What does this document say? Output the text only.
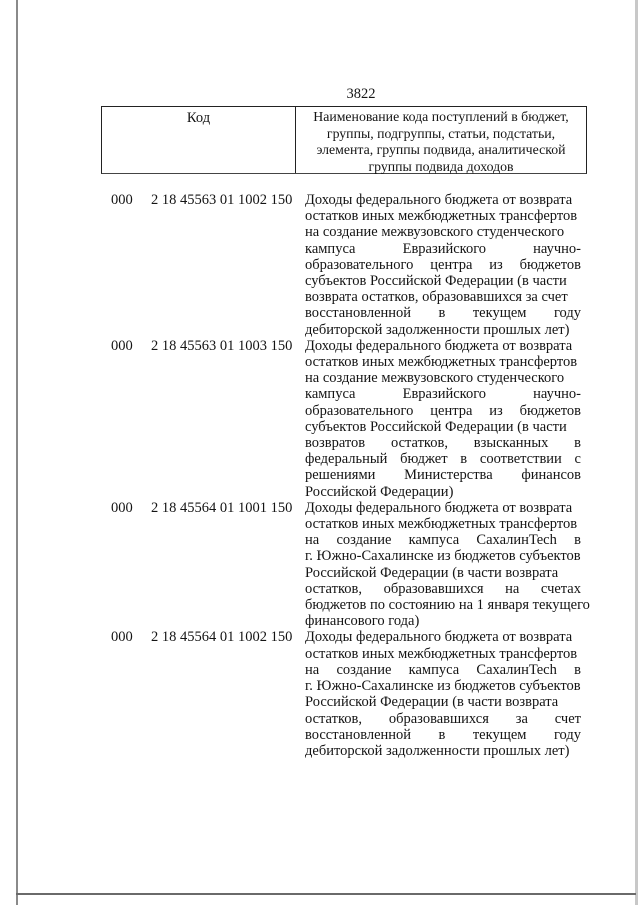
3822
Код	Наименование кода поступлений в бюджет,
группы, подгруппы, статьи, подстатьи,
элемента, группы подвида, аналитической
группы подвида доходов
000 2 18 45563 01 1002 150 Доходы федерального бюджета от возврата
остатков иных межбюджетных трансфертов
на создание межвузовского студенческого
кампуса Евразийского научно-
образовательного центра из бюджетов
субъектов Российской Федерации (в части
возврата остатков, образовавшихся за счет
восстановленной в текущем году
дебиторской задолженности прошлых лет)
000 2 18 45563 01 1003 150 Доходы федерального бюджета от возврата
остатков иных межбюджетных трансфертов
на создание межвузовского студенческого
кампуса Евразийского научно-
образовательного центра из бюджетов
субъектов Российской Федерации (в части
возвратов остатков, взысканных в
федеральный бюджет в соответствии с
решениями Министерства финансов
Российской Федерации)
000 2 18 45564 01 1001 150 Доходы федерального бюджета от возврата
остатков иных межбюджетных трансфертов
на создание кампуса СахалинTech в
г. Южно-Сахалинске из бюджетов субъектов
Российской Федерации (в части возврата
остатков, образовавшихся на счетах
бюджетов по состоянию на 1 января текущего
финансового года)
000 2 18 45564 01 1002 150 Доходы федерального бюджета от возврата
остатков иных межбюджетных трансфертов
на создание кампуса СахалинTech в
г. Южно-Сахалинске из бюджетов субъектов
Российской Федерации (в части возврата
остатков, образовавшихся за счет
восстановленной в текущем году
дебиторской задолженности прошлых лет)
